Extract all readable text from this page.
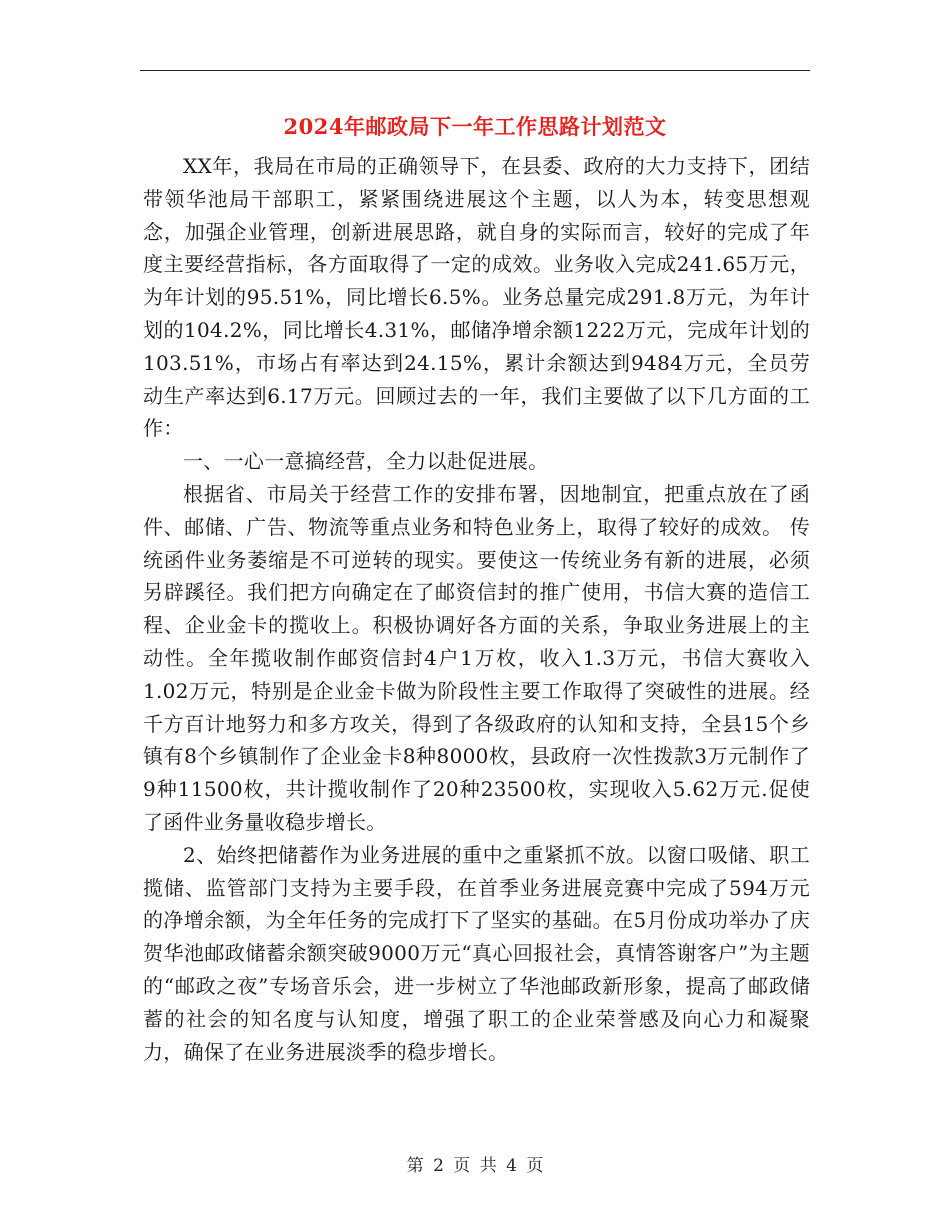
2024年邮政局下一年工作思路计划范文

XX年，我局在市局的正确领导下，在县委、政府的大力支持下，团结带领华池局干部职工，紧紧围绕进展这个主题，以人为本，转变思想观念，加强企业管理，创新进展思路，就自身的实际而言，较好的完成了年度主要经营指标，各方面取得了一定的成效。业务收入完成241.65万元，为年计划的95.51%，同比增长6.5%。业务总量完成291.8万元，为年计划的104.2%，同比增长4.31%，邮储净增余额1222万元，完成年计划的103.51%，市场占有率达到24.15%，累计余额达到9484万元，全员劳动生产率达到6.17万元。回顾过去的一年，我们主要做了以下几方面的工作：

一、一心一意搞经营，全力以赴促进展。

根据省、市局关于经营工作的安排布署，因地制宜，把重点放在了函件、邮储、广告、物流等重点业务和特色业务上，取得了较好的成效。 传统函件业务萎缩是不可逆转的现实。要使这一传统业务有新的进展，必须另辟蹊径。我们把方向确定在了邮资信封的推广使用，书信大赛的造信工程、企业金卡的揽收上。积极协调好各方面的关系，争取业务进展上的主动性。全年揽收制作邮资信封4户1万枚，收入1.3万元，书信大赛收入1.02万元，特别是企业金卡做为阶段性主要工作取得了突破性的进展。经千方百计地努力和多方攻关，得到了各级政府的认知和支持，全县15个乡镇有8个乡镇制作了企业金卡8种8000枚，县政府一次性拨款3万元制作了9种11500枚，共计揽收制作了20种23500枚，实现收入5.62万元.促使了函件业务量收稳步增长。

2、始终把储蓄作为业务进展的重中之重紧抓不放。以窗口吸储、职工揽储、监管部门支持为主要手段，在首季业务进展竞赛中完成了594万元的净增余额，为全年任务的完成打下了坚实的基础。在5月份成功举办了庆贺华池邮政储蓄余额突破9000万元“真心回报社会，真情答谢客户”为主题的“邮政之夜”专场音乐会，进一步树立了华池邮政新形象，提高了邮政储蓄的社会的知名度与认知度，增强了职工的企业荣誉感及向心力和凝聚力，确保了在业务进展淡季的稳步增长。

第 2 页 共 4 页
